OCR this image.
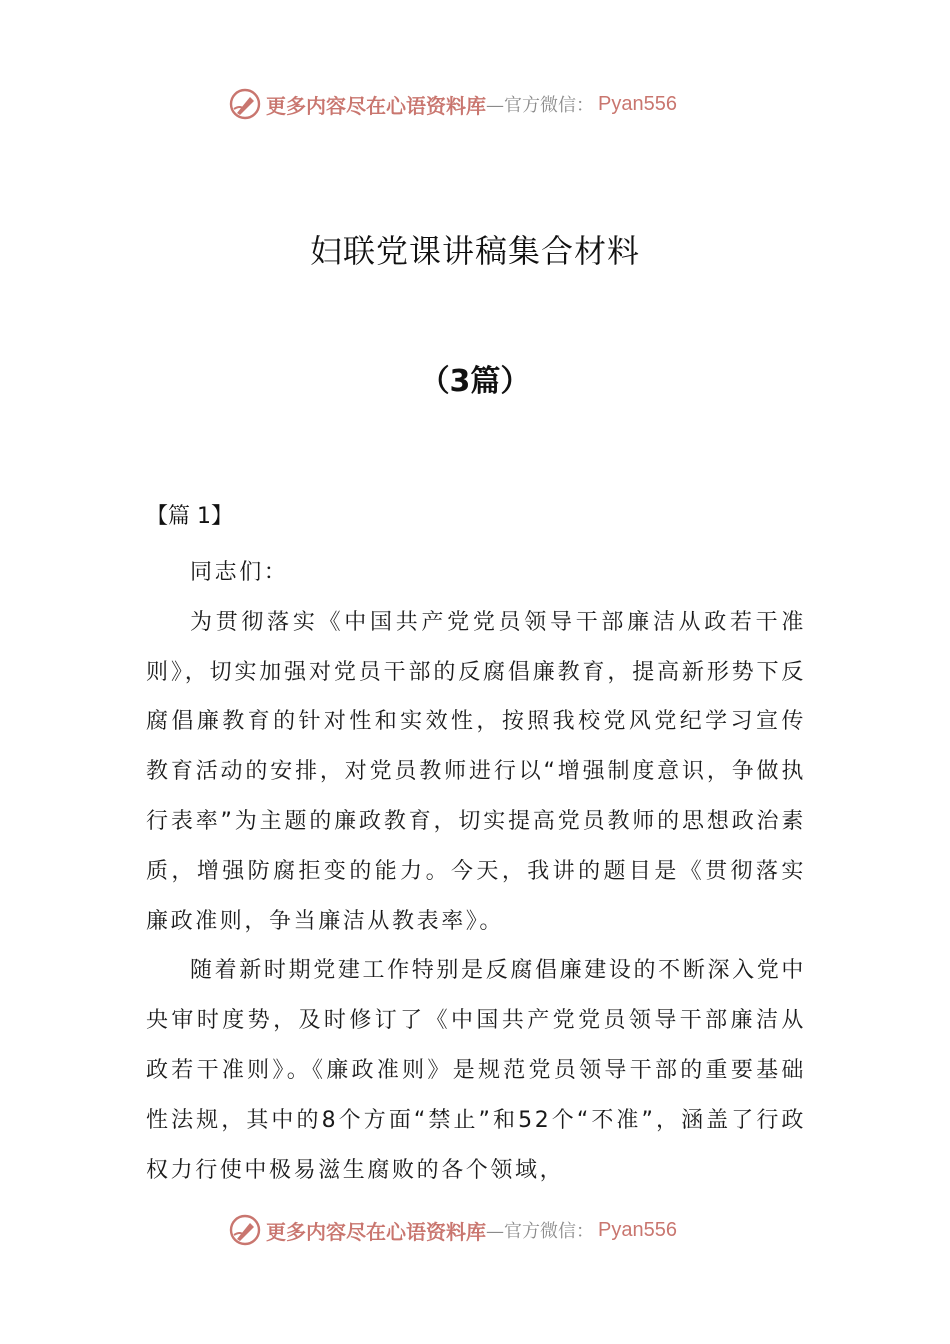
更多内容尽在心语资料库 —官方微信： Pyan556
妇联党课讲稿集合材料
（3篇）
【篇 1】

同志们：

为贯彻落实《中国共产党党员领导干部廉洁从政若干准则》，切实加强对党员干部的反腐倡廉教育，提高新形势下反腐倡廉教育的针对性和实效性，按照我校党风党纪学习宣传教育活动的安排，对党员教师进行以“增强制度意识，争做执行表率”为主题的廉政教育，切实提高党员教师的思想政治素质，增强防腐拒变的能力。今天，我讲的题目是《贯彻落实廉政准则，争当廉洁从教表率》。

随着新时期党建工作特别是反腐倡廉建设的不断深入党中央审时度势，及时修订了《中国共产党党员领导干部廉洁从政若干准则》。《廉政准则》是规范党员领导干部的重要基础性法规，其中的8个方面“禁止”和52个“不准”，涵盖了行政权力行使中极易滋生腐败的各个领域，

更多内容尽在心语资料库 —官方微信： Pyan556
